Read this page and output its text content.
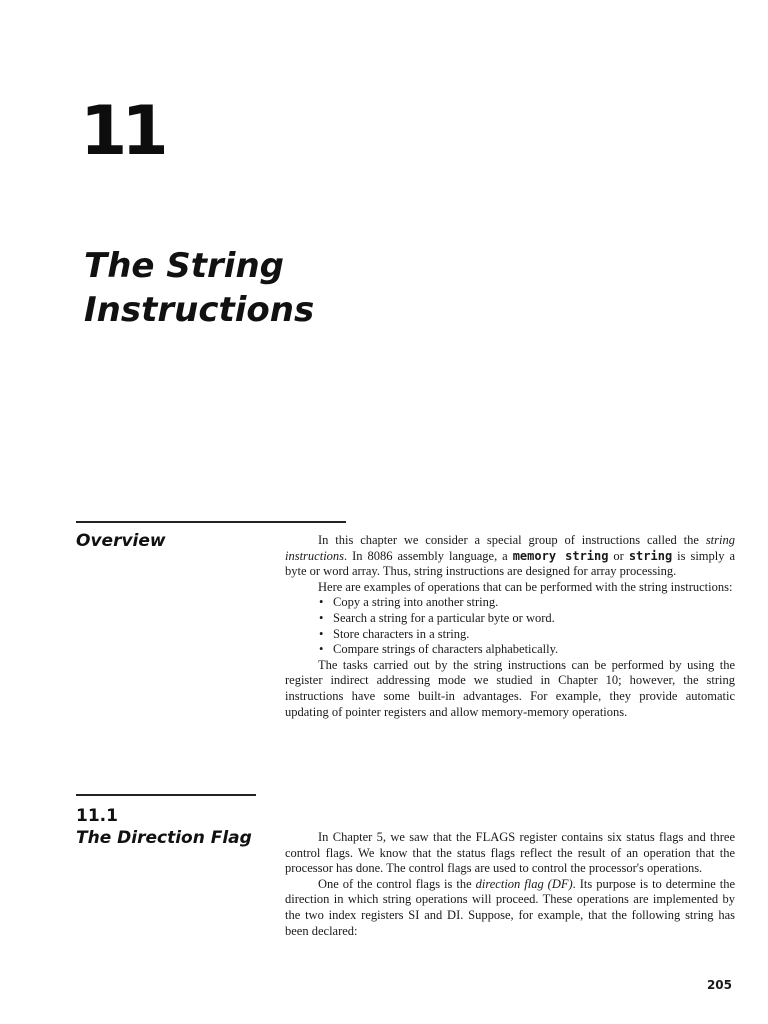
11
The String
Instructions
Overview	In this chapter we consider a special group of instructions called the string instructions. In 8086 assembly language, a memory string or string is simply a byte or word array. Thus, string instructions are designed for array processing.

Here are examples of operations that can be performed with the string instructions:

• Copy a string into another string.
• Search a string for a particular byte or word.
• Store characters in a string.
• Compare strings of characters alphabetically.

The tasks carried out by the string instructions can be performed by using the register indirect addressing mode we studied in Chapter 10; however, the string instructions have some built-in advantages. For example, they provide automatic updating of pointer registers and allow memory-memory operations.

11.1
The Direction Flag	In Chapter 5, we saw that the FLAGS register contains six status flags and three control flags. We know that the status flags reflect the result of an operation that the processor has done. The control flags are used to control the processor's operations.

One of the control flags is the direction flag (DF). Its purpose is to determine the direction in which string operations will proceed. These operations are implemented by the two index registers SI and DI. Suppose, for example, that the following string has been declared:

205
